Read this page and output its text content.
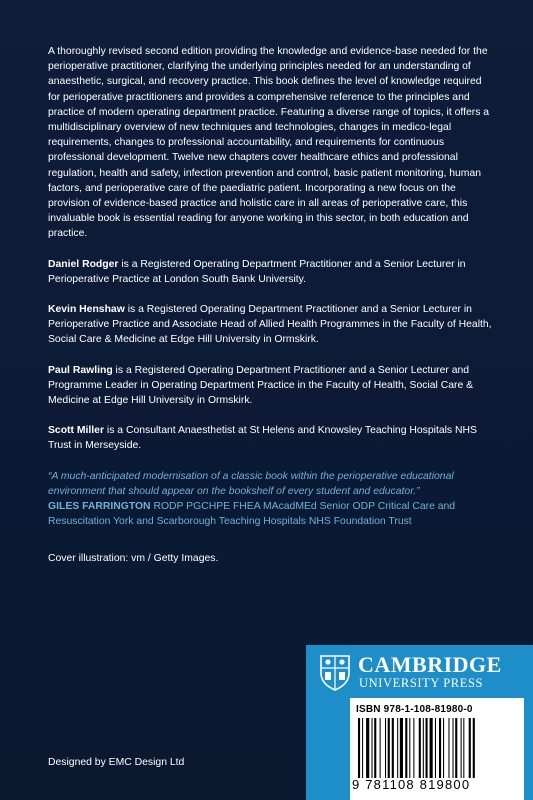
A thoroughly revised second edition providing the knowledge and evidence-base needed for the perioperative practitioner, clarifying the underlying principles needed for an understanding of anaesthetic, surgical, and recovery practice. This book defines the level of knowledge required for perioperative practitioners and provides a comprehensive reference to the principles and practice of modern operating department practice. Featuring a diverse range of topics, it offers a multidisciplinary overview of new techniques and technologies, changes in medico-legal requirements, changes to professional accountability, and requirements for continuous professional development. Twelve new chapters cover healthcare ethics and professional regulation, health and safety, infection prevention and control, basic patient monitoring, human factors, and perioperative care of the paediatric patient. Incorporating a new focus on the provision of evidence-based practice and holistic care in all areas of perioperative care, this invaluable book is essential reading for anyone working in this sector, in both education and practice.

Daniel Rodger is a Registered Operating Department Practitioner and a Senior Lecturer in Perioperative Practice at London South Bank University.

Kevin Henshaw is a Registered Operating Department Practitioner and a Senior Lecturer in Perioperative Practice and Associate Head of Allied Health Programmes in the Faculty of Health, Social Care & Medicine at Edge Hill University in Ormskirk.

Paul Rawling is a Registered Operating Department Practitioner and a Senior Lecturer and Programme Leader in Operating Department Practice in the Faculty of Health, Social Care & Medicine at Edge Hill University in Ormskirk.

Scott Miller is a Consultant Anaesthetist at St Helens and Knowsley Teaching Hospitals NHS Trust in Merseyside.

“A much-anticipated modernisation of a classic book within the perioperative educational environment that should appear on the bookshelf of every student and educator.”

GILES FARRINGTON RODP PGCHPE FHEA MAcadMEd Senior ODP Critical Care and Resuscitation York and Scarborough Teaching Hospitals NHS Foundation Trust

Cover illustration: vm / Getty Images.

Designed by EMC Design Ltd
CAMBRIDGE
UNIVERSITY PRESS
ISBN 978-1-108-81980-0
9 781108 819800
